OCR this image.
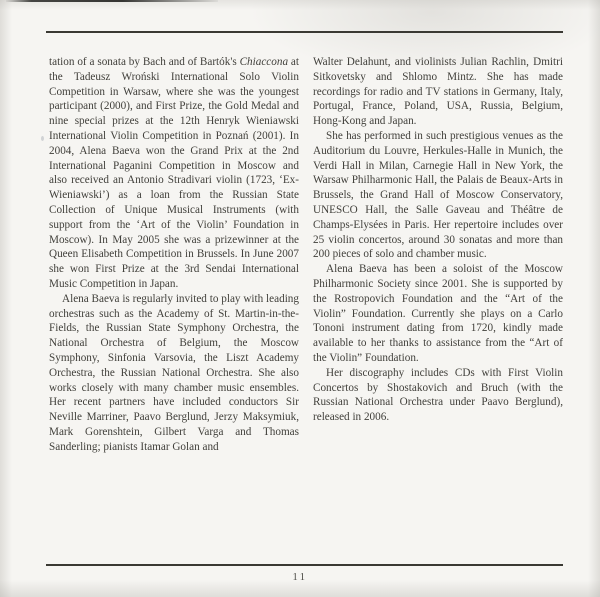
tation of a sonata by Bach and of Bartók's Chiaccona at the Tadeusz Wroński International Solo Violin Competition in Warsaw, where she was the youngest participant (2000), and First Prize, the Gold Medal and nine special prizes at the 12th Henryk Wieniawski International Violin Competition in Poznań (2001). In 2004, Alena Baeva won the Grand Prix at the 2nd International Paganini Competition in Moscow and also received an Antonio Stradivari violin (1723, ‘Ex-Wieniawski’) as a loan from the Russian State Collection of Unique Musical Instruments (with support from the ‘Art of the Violin’ Foundation in Moscow). In May 2005 she was a prizewinner at the Queen Elisabeth Competition in Brussels. In June 2007 she won First Prize at the 3rd Sendai International Music Competition in Japan.

Alena Baeva is regularly invited to play with leading orchestras such as the Academy of St. Martin-in-the-Fields, the Russian State Symphony Orchestra, the National Orchestra of Belgium, the Moscow Symphony, Sinfonia Varsovia, the Liszt Academy Orchestra, the Russian National Orchestra. She also works closely with many chamber music ensembles. Her recent partners have included conductors Sir Neville Marriner, Paavo Berglund, Jerzy Maksymiuk, Mark Gorenshtein, Gilbert Varga and Thomas Sanderling; pianists Itamar Golan and

Walter Delahunt, and violinists Julian Rachlin, Dmitri Sitkovetsky and Shlomo Mintz. She has made recordings for radio and TV stations in Germany, Italy, Portugal, France, Poland, USA, Russia, Belgium, Hong-Kong and Japan.

She has performed in such prestigious venues as the Auditorium du Louvre, Herkules-Halle in Munich, the Verdi Hall in Milan, Carnegie Hall in New York, the Warsaw Philharmonic Hall, the Palais de Beaux-Arts in Brussels, the Grand Hall of Moscow Conservatory, UNESCO Hall, the Salle Gaveau and Théâtre de Champs-Elysées in Paris. Her repertoire includes over 25 violin concertos, around 30 sonatas and more than 200 pieces of solo and chamber music.

Alena Baeva has been a soloist of the Moscow Philharmonic Society since 2001. She is supported by the Rostropovich Foundation and the “Art of the Violin” Foundation. Currently she plays on a Carlo Tononi instrument dating from 1720, kindly made available to her thanks to assistance from the “Art of the Violin” Foundation.

Her discography includes CDs with First Violin Concertos by Shostakovich and Bruch (with the Russian National Orchestra under Paavo Berglund), released in 2006.

11
